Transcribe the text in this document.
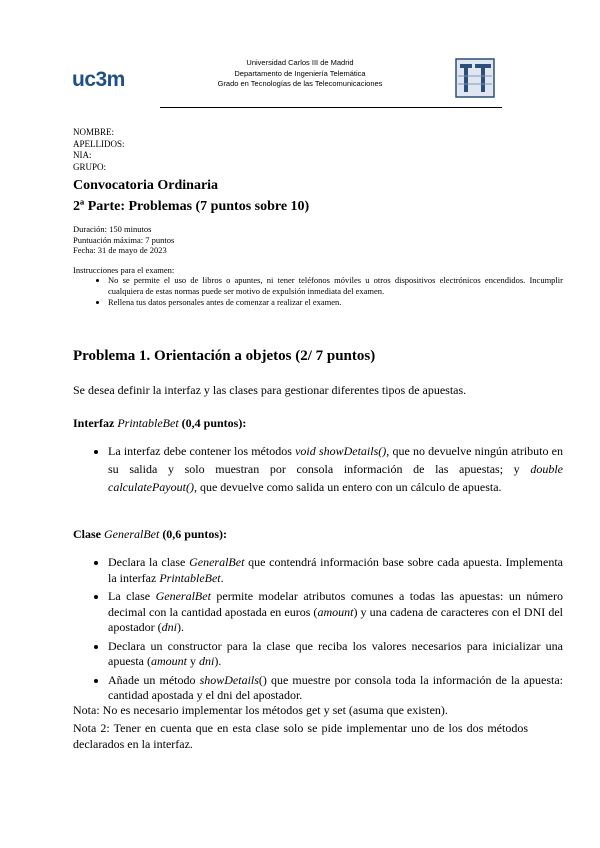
uc3m
Universidad Carlos III de Madrid
Departamento de Ingeniería Telemática
Grado en Tecnologías de las Telecomunicaciones
NOMBRE:
APELLIDOS:
NIA:
GRUPO:
Convocatoria Ordinaria
2ª Parte: Problemas (7 puntos sobre 10)
Duración: 150 minutos
Puntuación máxima: 7 puntos
Fecha: 31 de mayo de 2023
Instrucciones para el examen:
• No se permite el uso de libros o apuntes, ni tener teléfonos móviles u otros dispositivos electrónicos encendidos. Incumplir cualquiera de estas normas puede ser motivo de expulsión inmediata del examen.
• Rellena tus datos personales antes de comenzar a realizar el examen.
Problema 1. Orientación a objetos (2/ 7 puntos)
Se desea definir la interfaz y las clases para gestionar diferentes tipos de apuestas.
Interfaz PrintableBet (0,4 puntos):
• La interfaz debe contener los métodos void showDetails(), que no devuelve ningún atributo en su salida y solo muestran por consola información de las apuestas; y double calculatePayout(), que devuelve como salida un entero con un cálculo de apuesta.
Clase GeneralBet (0,6 puntos):
• Declara la clase GeneralBet que contendrá información base sobre cada apuesta. Implementa la interfaz PrintableBet.
• La clase GeneralBet permite modelar atributos comunes a todas las apuestas: un número decimal con la cantidad apostada en euros (amount) y una cadena de caracteres con el DNI del apostador (dni).
• Declara un constructor para la clase que reciba los valores necesarios para inicializar una apuesta (amount y dni).
• Añade un método showDetails() que muestre por consola toda la información de la apuesta: cantidad apostada y el dni del apostador.
Nota: No es necesario implementar los métodos get y set (asuma que existen).
Nota 2: Tener en cuenta que en esta clase solo se pide implementar uno de los dos métodos declarados en la interfaz.
